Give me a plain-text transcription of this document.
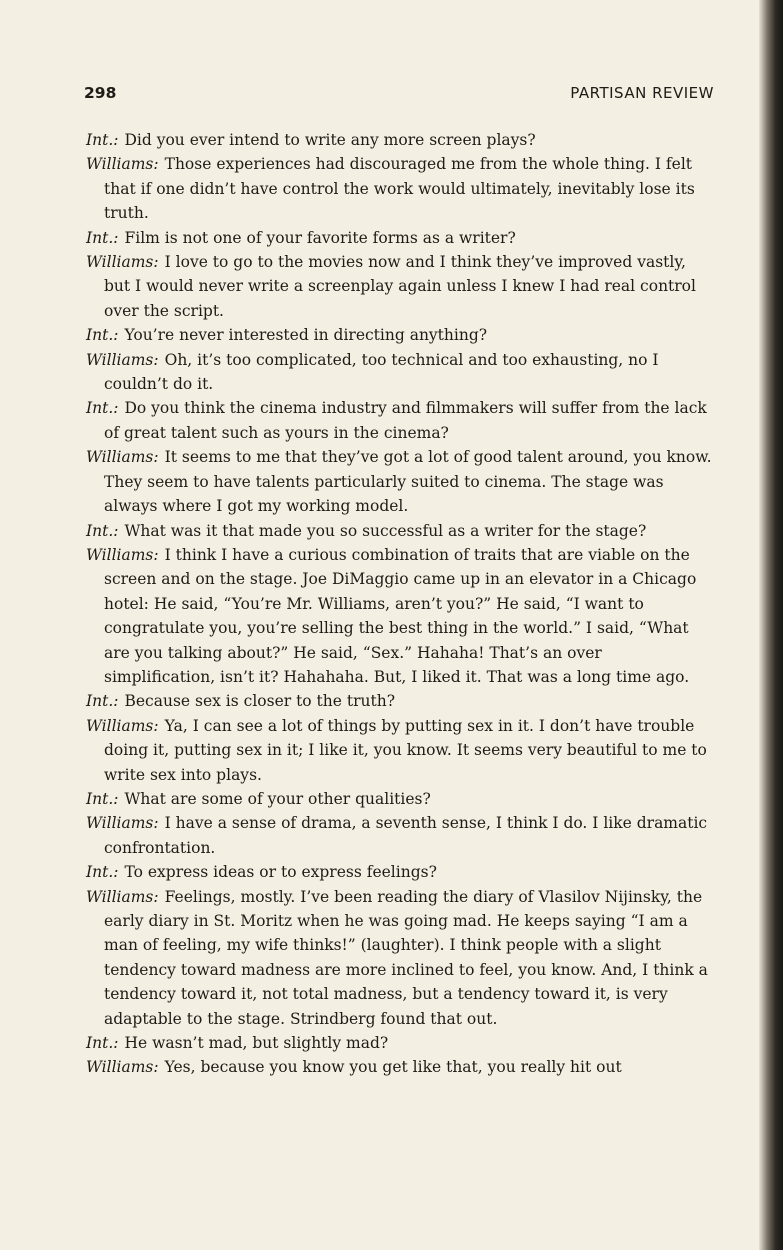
298	PARTISAN REVIEW

Int.: Did you ever intend to write any more screen plays?

Williams: Those experiences had discouraged me from the whole thing. I felt that if one didn’t have control the work would ultimately, inevitably lose its truth.

Int.: Film is not one of your favorite forms as a writer?

Williams: I love to go to the movies now and I think they’ve improved vastly, but I would never write a screenplay again unless I knew I had real control over the script.

Int.: You’re never interested in directing anything?

Williams: Oh, it’s too complicated, too technical and too exhausting, no I couldn’t do it.

Int.: Do you think the cinema industry and filmmakers will suffer from the lack of great talent such as yours in the cinema?

Williams: It seems to me that they’ve got a lot of good talent around, you know. They seem to have talents particularly suited to cinema. The stage was always where I got my working model.

Int.: What was it that made you so successful as a writer for the stage?

Williams: I think I have a curious combination of traits that are viable on the screen and on the stage. Joe DiMaggio came up in an elevator in a Chicago hotel: He said, “You’re Mr. Williams, aren’t you?” He said, “I want to congratulate you, you’re selling the best thing in the world.” I said, “What are you talking about?” He said, “Sex.” Hahaha! That’s an over simplification, isn’t it? Hahahaha. But, I liked it. That was a long time ago.

Int.: Because sex is closer to the truth?

Williams: Ya, I can see a lot of things by putting sex in it. I don’t have trouble doing it, putting sex in it; I like it, you know. It seems very beautiful to me to write sex into plays.

Int.: What are some of your other qualities?

Williams: I have a sense of drama, a seventh sense, I think I do. I like dramatic confrontation.

Int.: To express ideas or to express feelings?

Williams: Feelings, mostly. I’ve been reading the diary of Vlasilov Nijinsky, the early diary in St. Moritz when he was going mad. He keeps saying “I am a man of feeling, my wife thinks!” (laughter). I think people with a slight tendency toward madness are more inclined to feel, you know. And, I think a tendency toward it, not total madness, but a tendency toward it, is very adaptable to the stage. Strindberg found that out.

Int.: He wasn’t mad, but slightly mad?

Williams: Yes, because you know you get like that, you really hit out
